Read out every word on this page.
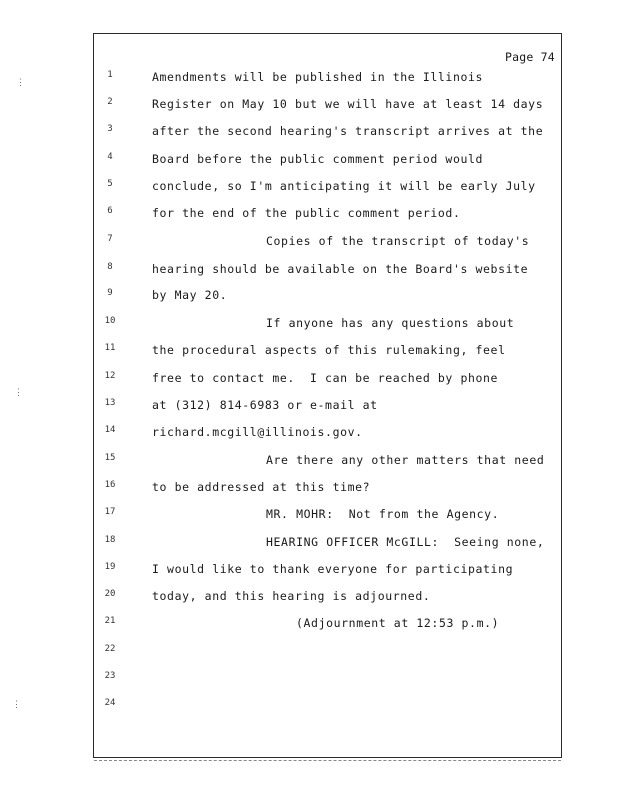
Page 74
⋮
⋮
⋮
1	Amendments will be published in the Illinois
2	Register on May 10 but we will have at least 14 days
3	after the second hearing's transcript arrives at the
4	Board before the public comment period would
5	conclude, so I'm anticipating it will be early July
6	for the end of the public comment period.
7	Copies of the transcript of today's
8	hearing should be available on the Board's website
9	by May 20.
10	If anyone has any questions about
11	the procedural aspects of this rulemaking, feel
12	free to contact me.  I can be reached by phone
13	at (312) 814-6983 or e-mail at
14	richard.mcgill@illinois.gov.
15	Are there any other matters that need
16	to be addressed at this time?
17	MR. MOHR:  Not from the Agency.
18	HEARING OFFICER McGILL:  Seeing none,
19	I would like to thank everyone for participating
20	today, and this hearing is adjourned.
21	(Adjournment at 12:53 p.m.)
22
23
24
